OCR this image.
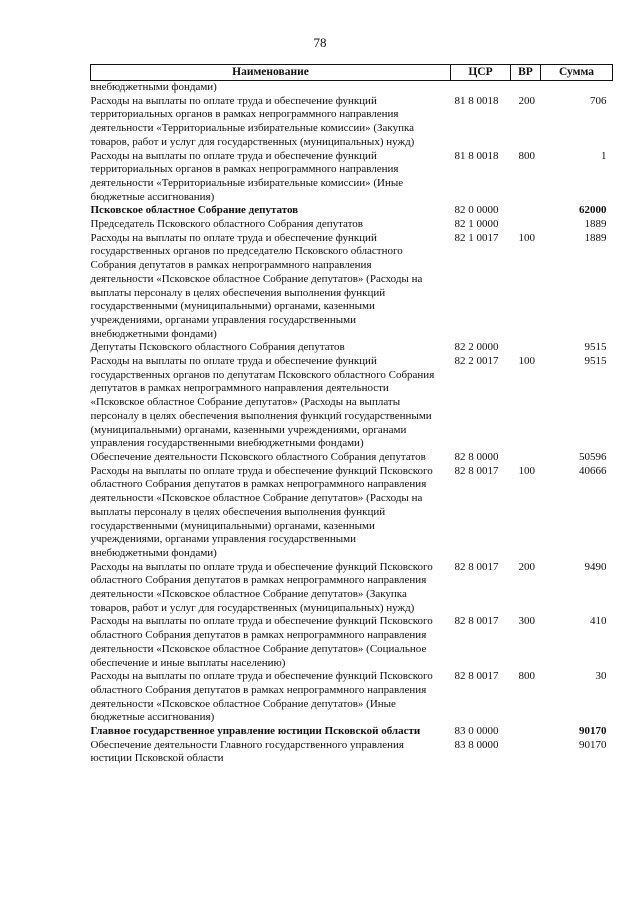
78
Наименование	ЦСР	ВР	Сумма
внебюджетными фондами)			
Расходы на выплаты по оплате труда и обеспечение функций территориальных органов в рамках непрограммного направления деятельности «Территориальные избирательные комиссии» (Закупка товаров, работ и услуг для государственных (муниципальных) нужд)	81 8 0018	200	706
Расходы на выплаты по оплате труда и обеспечение функций территориальных органов в рамках непрограммного направления деятельности «Территориальные избирательные комиссии» (Иные бюджетные ассигнования)	81 8 0018	800	1
Псковское областное Собрание депутатов	82 0 0000		62000
Председатель Псковского областного Собрания депутатов	82 1 0000		1889
Расходы на выплаты по оплате труда и обеспечение функций государственных органов по председателю Псковского областного Собрания депутатов в рамках непрограммного направления деятельности «Псковское областное Собрание депутатов» (Расходы на выплаты персоналу в целях обеспечения выполнения функций государственными (муниципальными) органами, казенными учреждениями, органами управления государственными внебюджетными фондами)	82 1 0017	100	1889
Депутаты Псковского областного Собрания депутатов	82 2 0000		9515
Расходы на выплаты по оплате труда и обеспечение функций государственных органов по депутатам Псковского областного Собрания депутатов в рамках непрограммного направления деятельности «Псковское областное Собрание депутатов» (Расходы на выплаты персоналу в целях обеспечения выполнения функций государственными (муниципальными) органами, казенными учреждениями, органами управления государственными внебюджетными фондами)	82 2 0017	100	9515
Обеспечение деятельности Псковского областного Собрания депутатов	82 8 0000		50596
Расходы на выплаты по оплате труда и обеспечение функций Псковского областного Собрания депутатов в рамках непрограммного направления деятельности «Псковское областное Собрание депутатов» (Расходы на выплаты персоналу в целях обеспечения выполнения функций государственными (муниципальными) органами, казенными учреждениями, органами управления государственными внебюджетными фондами)	82 8 0017	100	40666
Расходы на выплаты по оплате труда и обеспечение функций Псковского областного Собрания депутатов в рамках непрограммного направления деятельности «Псковское областное Собрание депутатов» (Закупка товаров, работ и услуг для государственных (муниципальных) нужд)	82 8 0017	200	9490
Расходы на выплаты по оплате труда и обеспечение функций Псковского областного Собрания депутатов в рамках непрограммного направления деятельности «Псковское областное Собрание депутатов» (Социальное обеспечение и иные выплаты населению)	82 8 0017	300	410
Расходы на выплаты по оплате труда и обеспечение функций Псковского областного Собрания депутатов в рамках непрограммного направления деятельности «Псковское областное Собрание депутатов» (Иные бюджетные ассигнования)	82 8 0017	800	30
Главное государственное управление юстиции Псковской области	83 0 0000		90170
Обеспечение деятельности Главного государственного управления юстиции Псковской области	83 8 0000		90170
